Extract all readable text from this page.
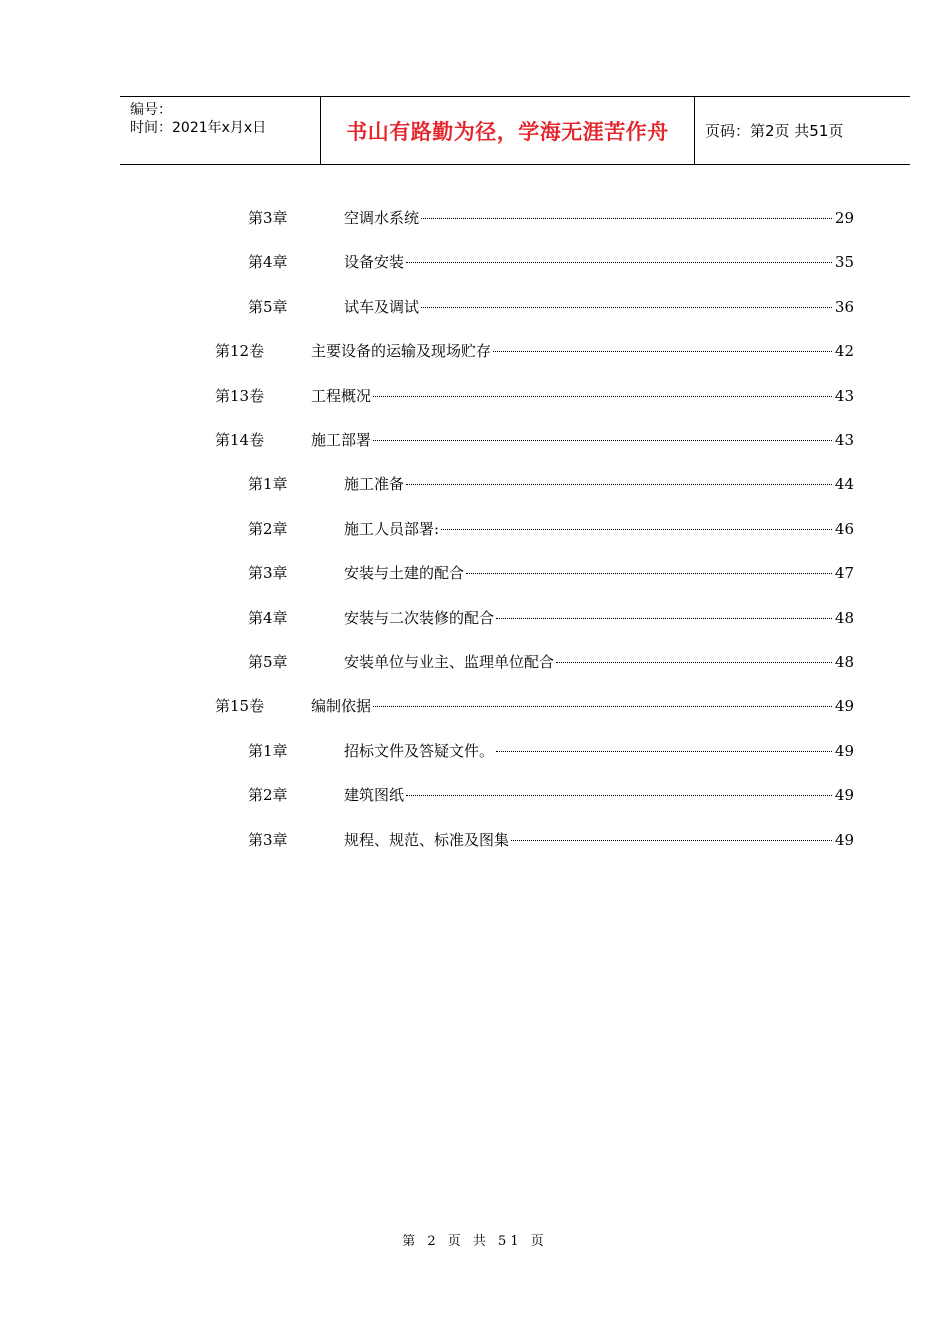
编号：
时间：2021年x月x日	书山有路勤为径，学海无涯苦作舟	页码：第2页 共51页
第3章	空调水系统	29
第4章	设备安装	35
第5章	试车及调试	36
第12卷	主要设备的运输及现场贮存	42
第13卷	工程概况	43
第14卷	施工部署	43
第1章	施工准备	44
第2章	施工人员部署:	46
第3章	安装与土建的配合	47
第4章	安装与二次装修的配合	48
第5章	安装单位与业主、监理单位配合	48
第15卷	编制依据	49
第1章	招标文件及答疑文件。	49
第2章	建筑图纸	49
第3章	规程、规范、标准及图集	49
第 2 页 共 51 页
